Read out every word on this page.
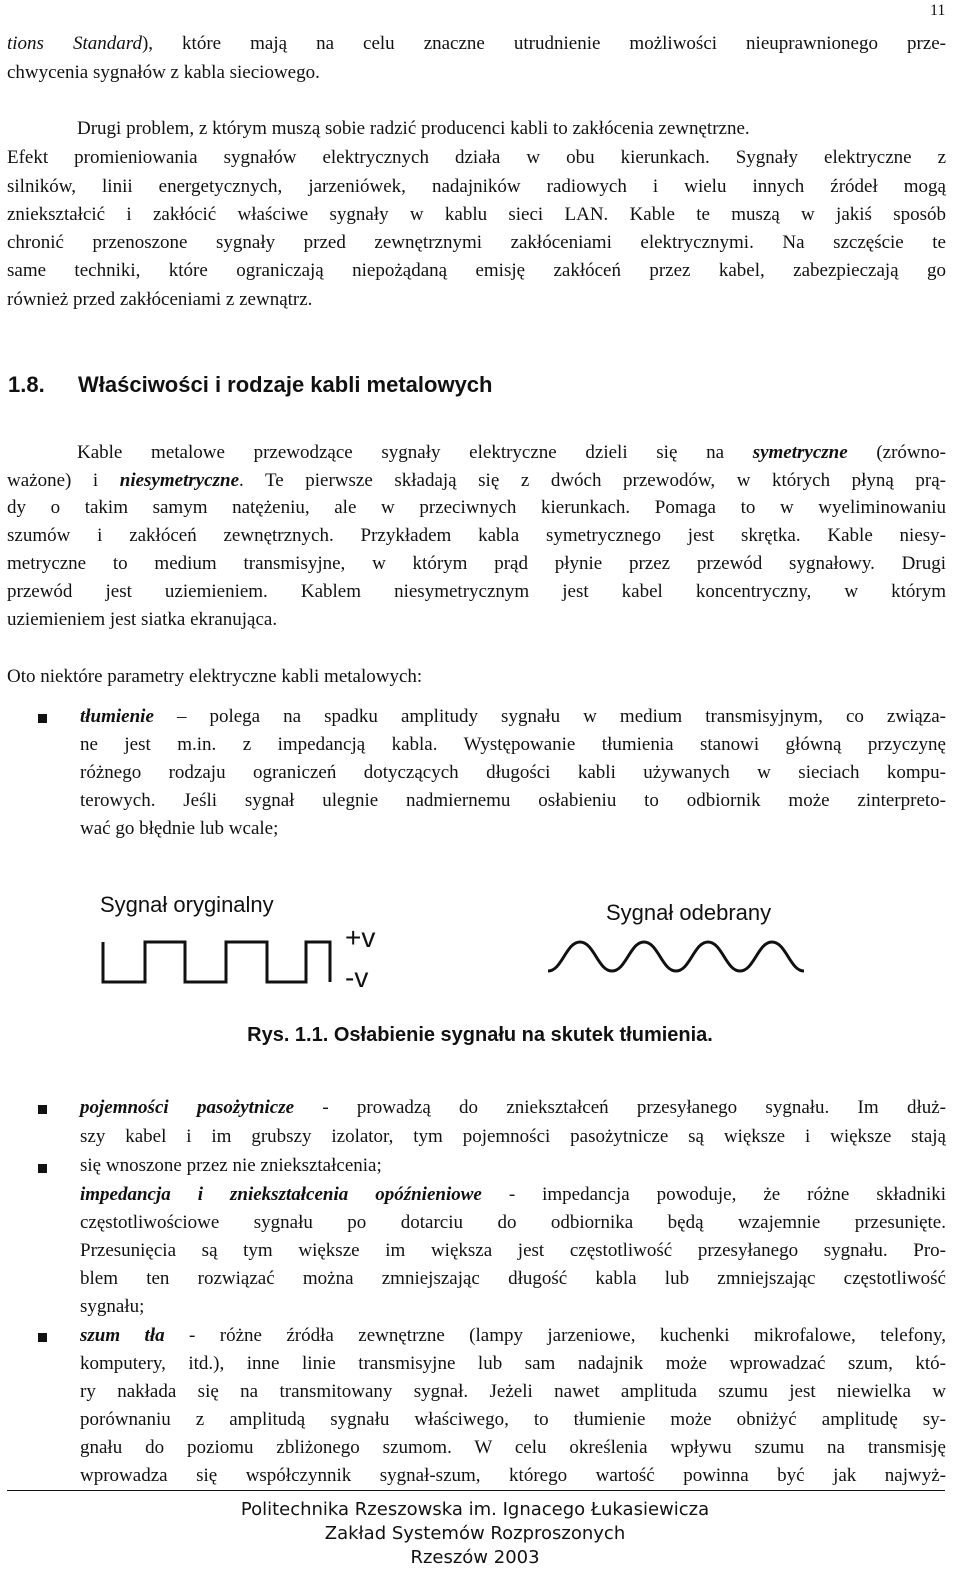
11
tions Standard), które mają na celu znaczne utrudnienie możliwości nieuprawnionego prze-
chwycenia sygnałów z kabla sieciowego.
Drugi problem, z którym muszą sobie radzić producenci kabli to zakłócenia zewnętrzne.
Efekt promieniowania sygnałów elektrycznych działa w obu kierunkach. Sygnały elektryczne z
silników, linii energetycznych, jarzeniówek, nadajników radiowych i wielu innych źródeł mogą
zniekształcić i zakłócić właściwe sygnały w kablu sieci LAN. Kable te muszą w jakiś sposób
chronić przenoszone sygnały przed zewnętrznymi zakłóceniami elektrycznymi. Na szczęście te
same techniki, które ograniczają niepożądaną emisję zakłóceń przez kabel, zabezpieczają go
również przed zakłóceniami z zewnątrz.
1.8. Właściwości i rodzaje kabli metalowych
Kable metalowe przewodzące sygnały elektryczne dzieli się na symetryczne (zrówno-
ważone) i niesymetryczne. Te pierwsze składają się z dwóch przewodów, w których płyną prą-
dy o takim samym natężeniu, ale w przeciwnych kierunkach. Pomaga to w wyeliminowaniu
szumów i zakłóceń zewnętrznych. Przykładem kabla symetrycznego jest skrętka. Kable niesy-
metryczne to medium transmisyjne, w którym prąd płynie przez przewód sygnałowy. Drugi
przewód jest uziemieniem. Kablem niesymetrycznym jest kabel koncentryczny, w którym
uziemieniem jest siatka ekranująca.
Oto niektóre parametry elektryczne kabli metalowych:
tłumienie – polega na spadku amplitudy sygnału w medium transmisyjnym, co związa-
ne jest m.in. z impedancją kabla. Występowanie tłumienia stanowi główną przyczynę
różnego rodzaju ograniczeń dotyczących długości kabli używanych w sieciach kompu-
terowych. Jeśli sygnał ulegnie nadmiernemu osłabieniu to odbiornik może zinterpreto-
wać go błędnie lub wcale;
Sygnał oryginalny
+v
-v
Sygnał odebrany
Rys. 1.1. Osłabienie sygnału na skutek tłumienia.
pojemności pasożytnicze - prowadzą do zniekształceń przesyłanego sygnału. Im dłuż-
szy kabel i im grubszy izolator, tym pojemności pasożytnicze są większe i większe stają
się wnoszone przez nie zniekształcenia;
impedancja i zniekształcenia opóźnieniowe - impedancja powoduje, że różne składniki
częstotliwościowe sygnału po dotarciu do odbiornika będą wzajemnie przesunięte.
Przesunięcia są tym większe im większa jest częstotliwość przesyłanego sygnału. Pro-
blem ten rozwiązać można zmniejszając długość kabla lub zmniejszając częstotliwość
sygnału;
szum tła - różne źródła zewnętrzne (lampy jarzeniowe, kuchenki mikrofalowe, telefony,
komputery, itd.), inne linie transmisyjne lub sam nadajnik może wprowadzać szum, któ-
ry nakłada się na transmitowany sygnał. Jeżeli nawet amplituda szumu jest niewielka w
porównaniu z amplitudą sygnału właściwego, to tłumienie może obniżyć amplitudę sy-
gnału do poziomu zbliżonego szumom. W celu określenia wpływu szumu na transmisję
wprowadza się współczynnik sygnał-szum, którego wartość powinna być jak najwyż-
Politechnika Rzeszowska im. Ignacego Łukasiewicza
Zakład Systemów Rozproszonych
Rzeszów 2003
